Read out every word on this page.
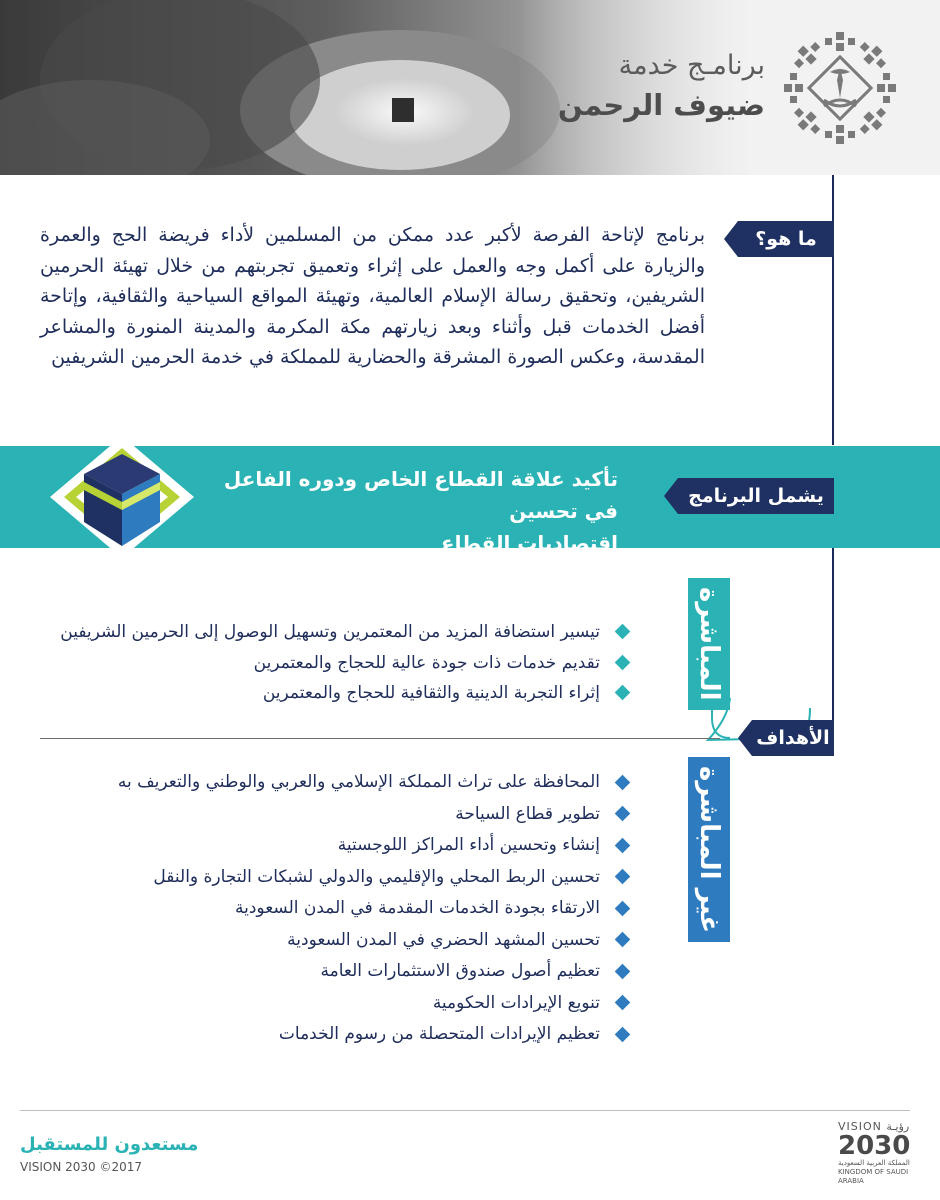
برنامـج خدمة
ضيوف الرحمن
ما هو؟
برنامج لإتاحة الفرصة لأكبر عدد ممكن من المسلمين لأداء فريضة الحج والعمرة والزيارة على أكمل وجه والعمل على إثراء وتعميق تجربتهم من خلال تهيئة الحرمين الشريفين، وتحقيق رسالة الإسلام العالمية، وتهيئة المواقع السياحية والثقافية، وإتاحة أفضل الخدمات قبل وأثناء وبعد زيارتهم مكة المكرمة والمدينة المنورة والمشاعر المقدسة، وعكس الصورة المشرقة والحضارية للمملكة في خدمة الحرمين الشريفين
تأكيد علاقة القطاع الخاص ودوره الفاعل في تحسين
اقتصاديات القطاع
يشمل البرنامج
المباشرة
غير المباشرة
الأهداف
تيسير استضافة المزيد من المعتمرين وتسهيل الوصول إلى الحرمين الشريفين
تقديم خدمات ذات جودة عالية للحجاج والمعتمرين
إثراء التجربة الدينية والثقافية للحجاج والمعتمرين
المحافظة على تراث المملكة الإسلامي والعربي والوطني والتعريف به
تطوير قطاع السياحة
إنشاء وتحسين أداء المراكز اللوجستية
تحسين الربط المحلي والإقليمي والدولي لشبكات التجارة والنقل
الارتقاء بجودة الخدمات المقدمة في المدن السعودية
تحسين المشهد الحضري في المدن السعودية
تعظيم أصول صندوق الاستثمارات العامة
تنويع الإيرادات الحكومية
تعظيم الإيرادات المتحصلة من رسوم الخدمات
مستعدون للمستقبل
VISION 2030 ©2017
VISION رؤيـة
2030
المملكة العربية السعودية
KINGDOM OF SAUDI ARABIA
